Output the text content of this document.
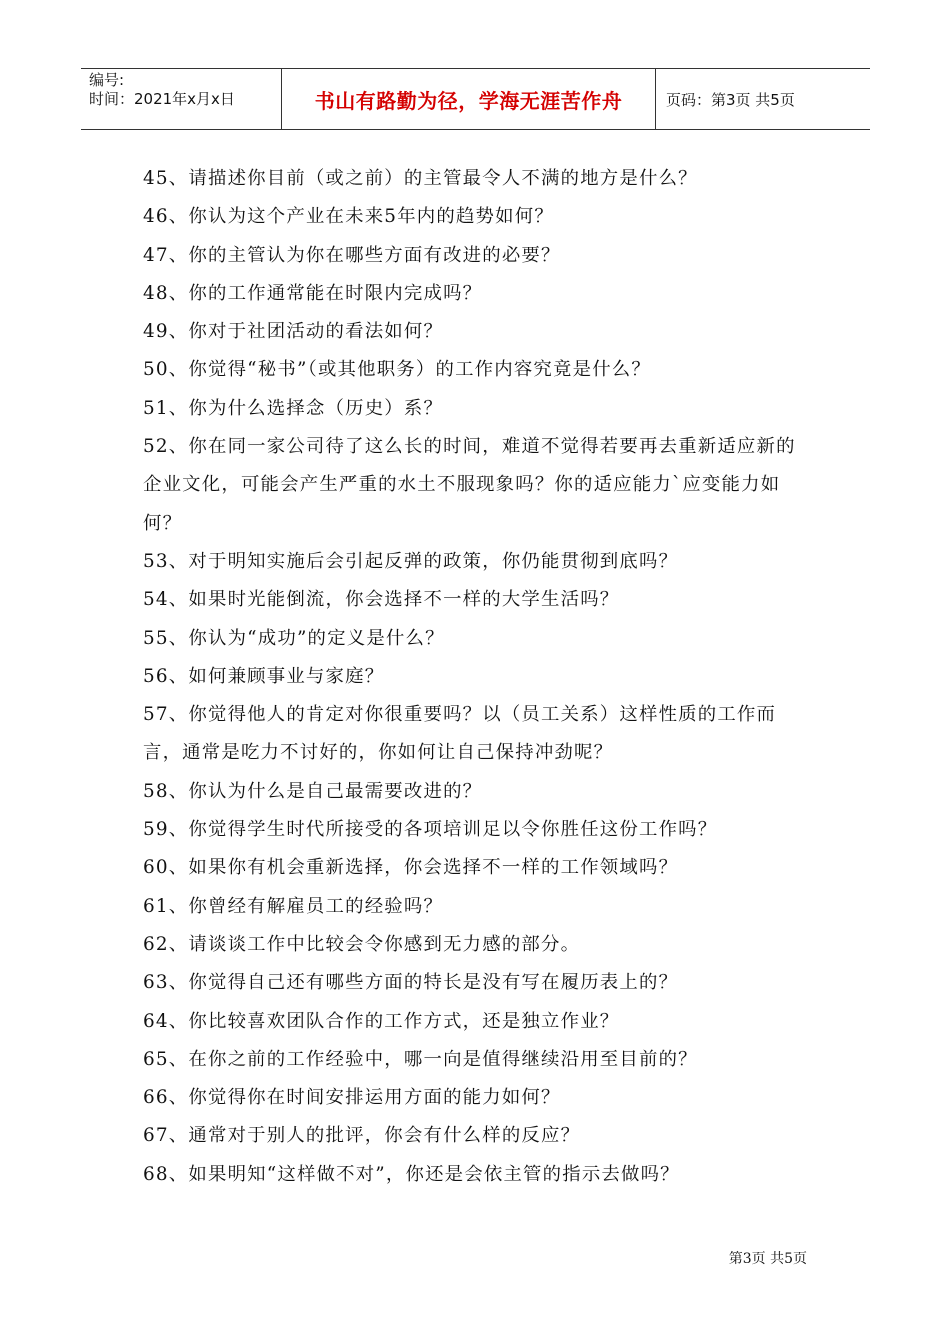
编号:
时间：2021年x月x日	书山有路勤为径，学海无涯苦作舟	页码：第3页 共5页
45、请描述你目前（或之前）的主管最令人不满的地方是什么？
46、你认为这个产业在未来5年内的趋势如何？
47、你的主管认为你在哪些方面有改进的必要？
48、你的工作通常能在时限内完成吗？
49、你对于社团活动的看法如何？
50、你觉得“秘书”（或其他职务）的工作内容究竟是什么？
51、你为什么选择念（历史）系？
52、你在同一家公司待了这么长的时间，难道不觉得若要再去重新适应新的企业文化，可能会产生严重的水土不服现象吗？你的适应能力`应变能力如何？
53、对于明知实施后会引起反弹的政策，你仍能贯彻到底吗？
54、如果时光能倒流，你会选择不一样的大学生活吗？
55、你认为“成功”的定义是什么？
56、如何兼顾事业与家庭？
57、你觉得他人的肯定对你很重要吗？以（员工关系）这样性质的工作而言，通常是吃力不讨好的，你如何让自己保持冲劲呢？
58、你认为什么是自己最需要改进的？
59、你觉得学生时代所接受的各项培训足以令你胜任这份工作吗？
60、如果你有机会重新选择，你会选择不一样的工作领域吗？
61、你曾经有解雇员工的经验吗？
62、请谈谈工作中比较会令你感到无力感的部分。
63、你觉得自己还有哪些方面的特长是没有写在履历表上的？
64、你比较喜欢团队合作的工作方式，还是独立作业？
65、在你之前的工作经验中，哪一向是值得继续沿用至目前的？
66、你觉得你在时间安排运用方面的能力如何？
67、通常对于别人的批评，你会有什么样的反应？
68、如果明知“这样做不对”，你还是会依主管的指示去做吗？
第3页 共5页
